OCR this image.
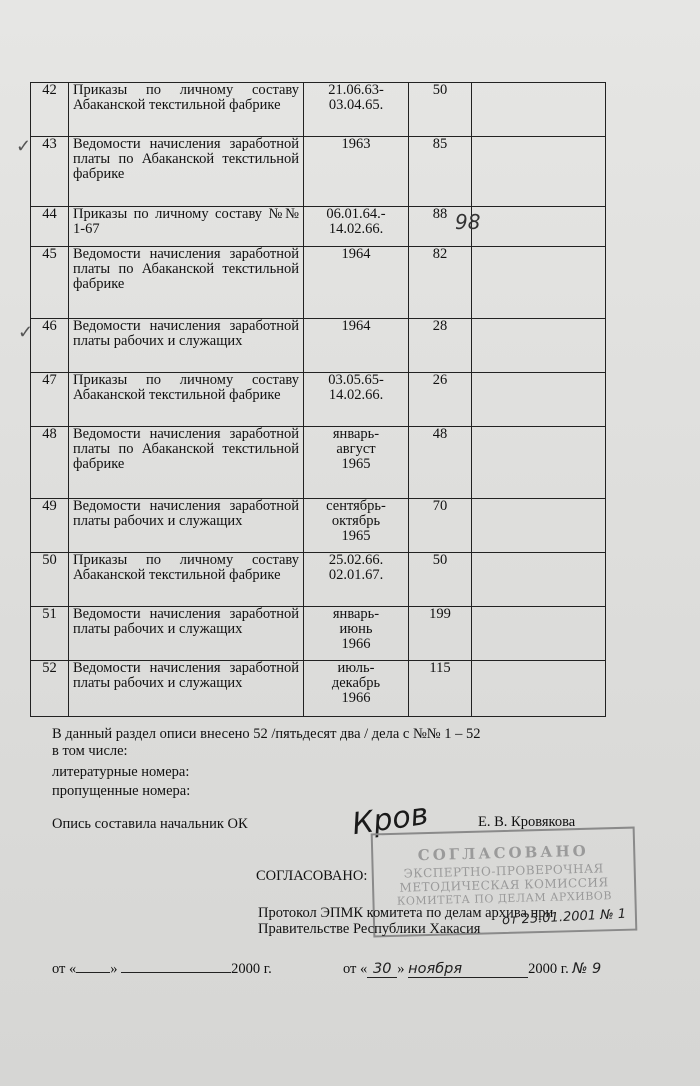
42	Приказы по личному составу Абаканской текстильной фабрике	21.06.63-
03.04.65.	50	
43	Ведомости начисления заработной платы по Абаканской текстильной фабрике	1963	85	
44	Приказы по личному составу №№ 1-67	06.01.64.-
14.02.66.	88	
45	Ведомости начисления заработной платы по Абаканской текстильной фабрике	1964	82	
46	Ведомости начисления заработной платы рабочих и служащих	1964	28	
47	Приказы по личному составу Абаканской текстильной фабрике	03.05.65-
14.02.66.	26	
48	Ведомости начисления заработной платы по Абаканской текстильной фабрике	январь-
август
1965	48	
49	Ведомости начисления заработной платы рабочих и служащих	сентябрь-
октябрь
1965	70	
50	Приказы по личному составу Абаканской текстильной фабрике	25.02.66.
02.01.67.	50	
51	Ведомости начисления заработной платы рабочих и служащих	январь-
июнь
1966	199	
52	Ведомости начисления заработной платы рабочих и служащих	июль-
декабрь
1966	115	
✓
✓
98
В данный раздел описи внесено 52 /пятьдесят два / дела с №№ 1 – 52
в том числе:
литературные номера:
пропущенные номера:
Опись составила начальник ОК	Кров	Е. В. Кровякова
СОГЛАСОВАНО
ЭКСПЕРТНО-ПРОВЕРОЧНАЯ
МЕТОДИЧЕСКАЯ КОМИССИЯ
КОМИТЕТА ПО ДЕЛАМ АРХИВОВ
СОГЛАСОВАНО:
Протокол ЭПМК комитета по делам архива при
Правительстве Республики Хакасия
от 25.01.2001 № 1
от « »	2000 г.	от « 30 » ноября	2000 г. № 9
